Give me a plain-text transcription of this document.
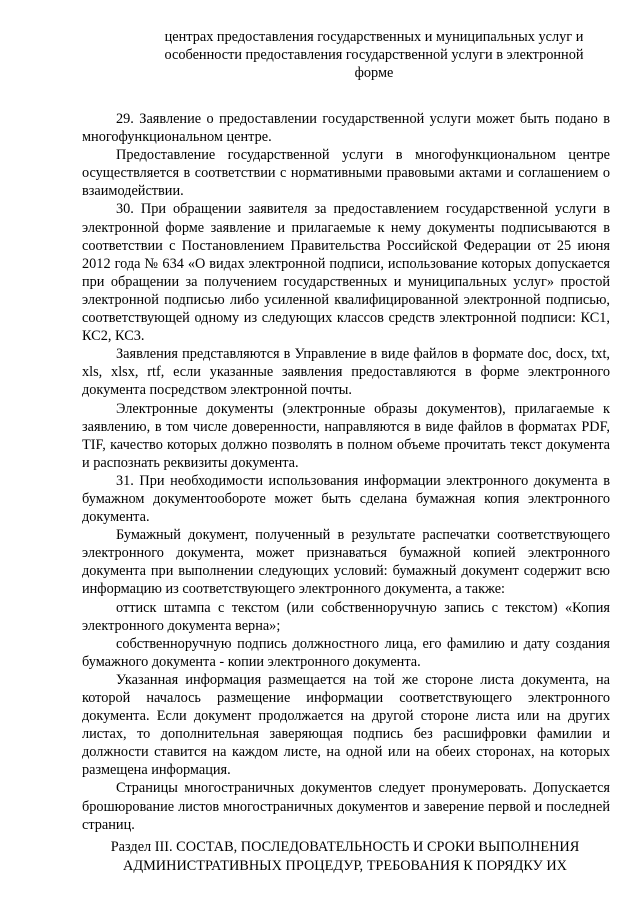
центрах предоставления государственных и муниципальных услуг и
особенности предоставления государственной услуги в электронной
форме

29. Заявление о предоставлении государственной услуги может быть подано в многофункциональном центре.

Предоставление государственной услуги в многофункциональном центре осуществляется в соответствии с нормативными правовыми актами и соглашением о взаимодействии.

30. При обращении заявителя за предоставлением государственной услуги в электронной форме заявление и прилагаемые к нему документы подписываются в соответствии с Постановлением Правительства Российской Федерации от 25 июня 2012 года № 634 «О видах электронной подписи, использование которых допускается при обращении за получением государственных и муниципальных услуг» простой электронной подписью либо усиленной квалифицированной электронной подписью, соответствующей одному из следующих классов средств электронной подписи: КС1, КС2, КС3.

Заявления представляются в Управление в виде файлов в формате doc, docx, txt, xls, xlsx, rtf, если указанные заявления предоставляются в форме электронного документа посредством электронной почты.

Электронные документы (электронные образы документов), прилагаемые к заявлению, в том числе доверенности, направляются в виде файлов в форматах PDF, TIF, качество которых должно позволять в полном объеме прочитать текст документа и распознать реквизиты документа.

31. При необходимости использования информации электронного документа в бумажном документообороте может быть сделана бумажная копия электронного документа.

Бумажный документ, полученный в результате распечатки соответствующего электронного документа, может признаваться бумажной копией электронного документа при выполнении следующих условий: бумажный документ содержит всю информацию из соответствующего электронного документа, а также:

оттиск штампа с текстом (или собственноручную запись с текстом) «Копия электронного документа верна»;

собственноручную подпись должностного лица, его фамилию и дату создания бумажного документа - копии электронного документа.

Указанная информация размещается на той же стороне листа документа, на которой началось размещение информации соответствующего электронного документа. Если документ продолжается на другой стороне листа или на других листах, то дополнительная заверяющая подпись без расшифровки фамилии и должности ставится на каждом листе, на одной или на обеих сторонах, на которых размещена информация.

Страницы многостраничных документов следует пронумеровать. Допускается брошюрование листов многостраничных документов и заверение первой и последней страниц.

Раздел III. СОСТАВ, ПОСЛЕДОВАТЕЛЬНОСТЬ И СРОКИ ВЫПОЛНЕНИЯ
АДМИНИСТРАТИВНЫХ ПРОЦЕДУР, ТРЕБОВАНИЯ К ПОРЯДКУ ИХ
